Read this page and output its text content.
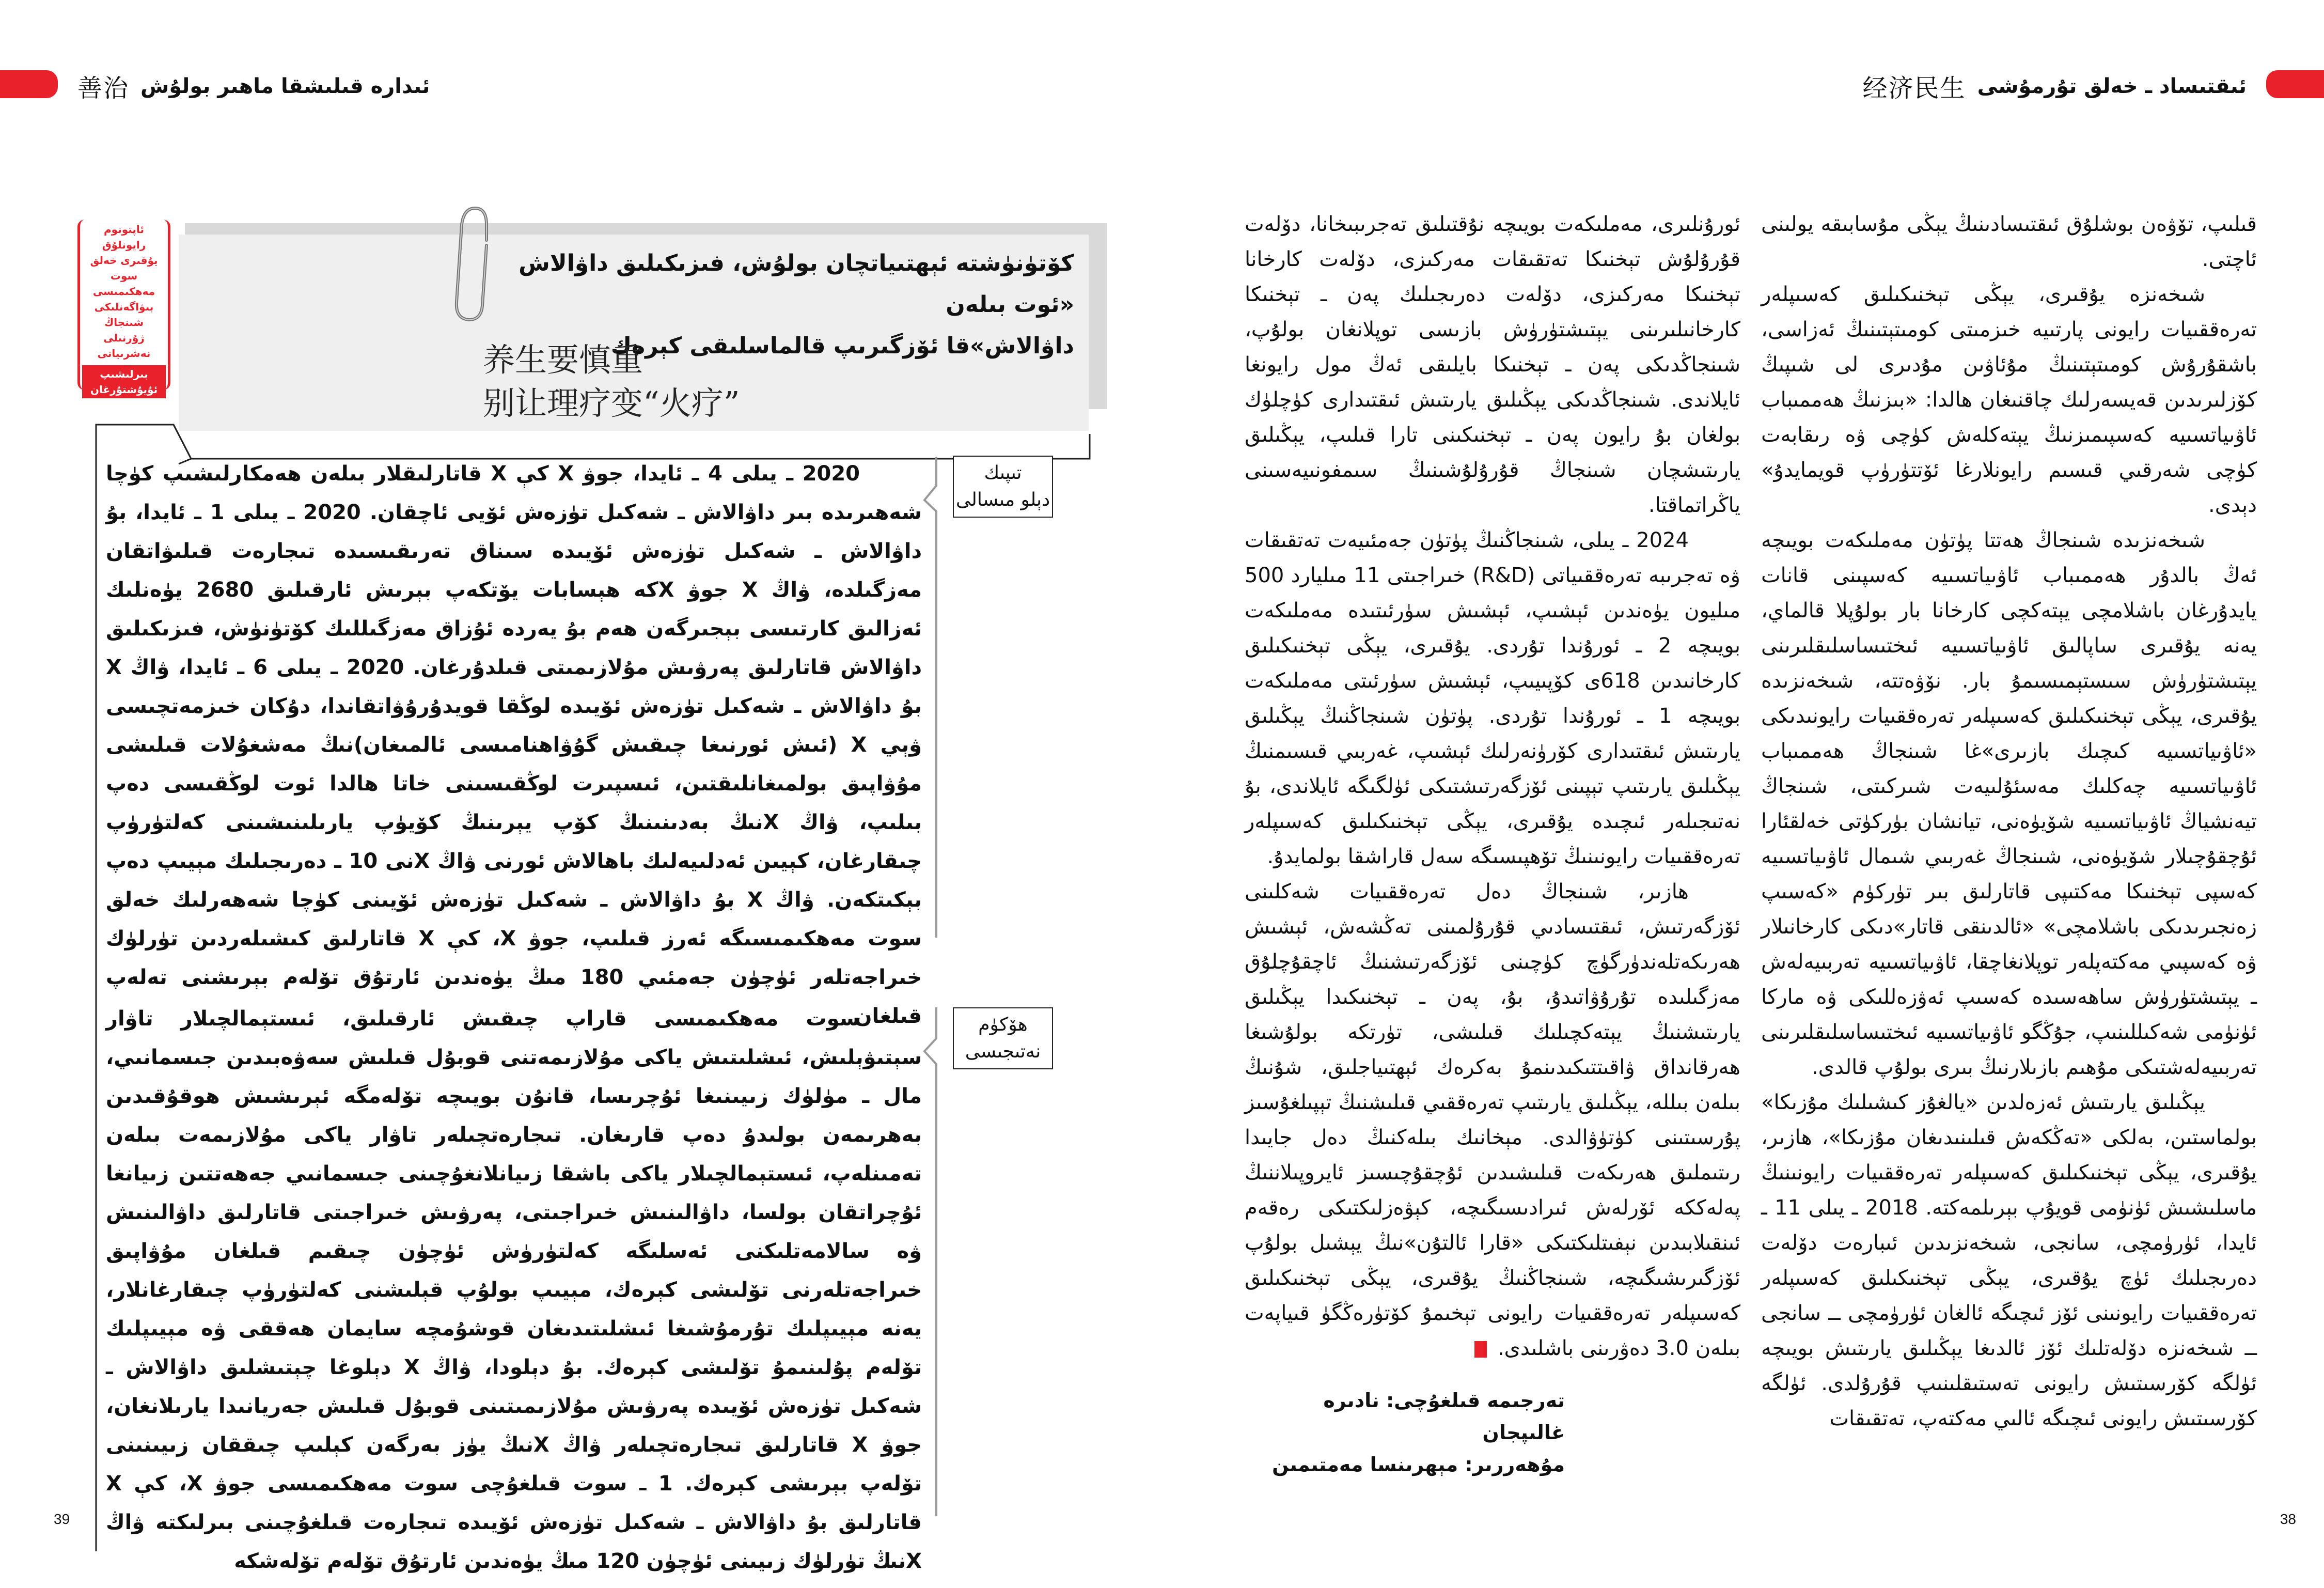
善治 ئىدارە قىلىشقا ماھىر بولۇش	经济民生 ئىقتىساد ـ خەلق تۇرمۇشى
كۆتۈنۈشتە ئېھتىياتچان بولۇش، فىزىكىلىق داۋالاش «ئوت بىلەن
داۋالاش»قا ئۆزگىرىپ قالماسلىقى كېرەك
养生要慎重
别让理疗变“火疗”
ئاپتونوم رايونلۇق يۇقىرى خەلق سوت مەھكىمىسى
بىۋاگەنلىكى شىنجاڭ ژۇرنىلى نەشرىياتى
بىرلىشىپ ئۇيۇشتۇرغان
تىپىك
دېلو مىسالى
ھۆكۈم
نەتىجىسى

2020 ـ يىلى 4 ـ ئايدا، جوۋ X كې X قاتارلىقلار بىلەن ھەمكارلىشىپ كۈچا شەھىرىدە بىر داۋالاش ـ شەكىل تۈزەش ئۆيى ئاچقان. 2020 ـ يىلى 1 ـ ئايدا، بۇ داۋالاش ـ شەكىل تۈزەش ئۆيىدە سىناق تەرىقىسىدە تىجارەت قىلىۋاتقان مەزگىلدە، ۋاڭ X جوۋ Xكە ھېسابات يۆتكەپ بېرىش ئارقىلىق 2680 يۈەنلىك ئەزالىق كارتىسى بېجىرگەن ھەم بۇ يەردە ئۇزاق مەزگىللىك كۆتۈنۈش، فىزىكىلىق داۋالاش قاتارلىق پەرۋىش مۇلازىمىتى قىلدۇرغان. 2020 ـ يىلى 6 ـ ئايدا، ۋاڭ X بۇ داۋالاش ـ شەكىل تۈزەش ئۆيىدە لوڭقا قويدۇرۇۋاتقاندا، دۇكان خىزمەتچىسى ۋېي X (ئىش ئورنىغا چىقىش گۇۋاھنامىسى ئالمىغان)نىڭ مەشغۇلات قىلىشى مۇۋاپىق بولمىغانلىقتىن، ئىسپىرت لوڭقىسىنى خاتا ھالدا ئوت لوڭقىسى دەپ بىلىپ، ۋاڭ Xنىڭ بەدىنىنىڭ كۆپ يېرىنىڭ كۆيۈپ يارىلىنىشىنى كەلتۈرۈپ چىقارغان، كېيىن ئەدلىيەلىك باھالاش ئورنى ۋاڭ Xنى 10 ـ دەرىجىلىك مېيىپ دەپ بېكىتكەن. ۋاڭ X بۇ داۋالاش ـ شەكىل تۈزەش ئۆيىنى كۈچا شەھەرلىك خەلق سوت مەھكىمىسىگە ئەرز قىلىپ، جوۋ X، كې X قاتارلىق كىشىلەردىن تۈرلۈك خىراجەتلەر ئۈچۈن جەمئىي 180 مىڭ يۈەندىن ئارتۇق تۆلەم بېرىشنى تەلەپ قىلغان.

سوت مەھكىمىسى قاراپ چىقىش ئارقىلىق، ئىستېمالچىلار تاۋار سېتىۋېلىش، ئىشلىتىش ياكى مۇلازىمەتنى قوبۇل قىلىش سەۋەبىدىن جىسمانىي، مال ـ مۈلۈك زىيىنىغا ئۇچرىسا، قانۇن بويىچە تۆلەمگە ئېرىشىش ھوقۇقىدىن بەھرىمەن بولىدۇ دەپ قارىغان. تىجارەتچىلەر تاۋار ياكى مۇلازىمەت بىلەن تەمىنلەپ، ئىستېمالچىلار ياكى باشقا زىيانلانغۇچىنى جىسمانىي جەھەتتىن زىيانغا ئۇچراتقان بولسا، داۋالىنىش خىراجىتى، پەرۋىش خىراجىتى قاتارلىق داۋالىنىش ۋە سالامەتلىكنى ئەسلىگە كەلتۈرۈش ئۈچۈن چىقىم قىلغان مۇۋاپىق خىراجەتلەرنى تۆلىشى كېرەك، مېيىپ بولۇپ قېلىشنى كەلتۈرۈپ چىقارغانلار، يەنە مېيىپلىك تۇرمۇشىغا ئىشلىتىدىغان قوشۇمچە سايمان ھەققى ۋە مېيىپلىك تۆلەم پۇلىنىمۇ تۆلىشى كېرەك. بۇ دېلودا، ۋاڭ X دېلوغا چېتىشلىق داۋالاش ـ شەكىل تۈزەش ئۆيىدە پەرۋىش مۇلازىمىتىنى قوبۇل قىلىش جەريانىدا يارىلانغان، جوۋ X قاتارلىق تىجارەتچىلەر ۋاڭ Xنىڭ يۈز بەرگەن كېلىپ چىققان زىيىنىنى تۆلەپ بېرىشى كېرەك. 1 ـ سوت قىلغۇچى سوت مەھكىمىسى جوۋ X، كې X قاتارلىق بۇ داۋالاش ـ شەكىل تۈزەش ئۆيىدە تىجارەت قىلغۇچىنى بىرلىكتە ۋاڭ Xنىڭ تۈرلۈك زىيىنى ئۈچۈن 120 مىڭ يۈەندىن ئارتۇق تۆلەم تۆلەشكە

ئورۇنلىرى، مەملىكەت بويىچە نۇقتىلىق تەجرىبىخانا، دۆلەت قۇرۇلۇش تېخنىكا تەتقىقات مەركىزى، دۆلەت كارخانا تېخنىكا مەركىزى، دۆلەت دەرىجىلىك پەن ـ تېخنىكا كارخانىلىرىنى يېتىشتۈرۈش بازىسى توپلانغان بولۇپ، شىنجاڭدىكى پەن ـ تېخنىكا بايلىقى ئەڭ مول رايونغا ئايلاندى. شىنجاڭدىكى يېڭىلىق يارىتىش ئىقتىدارى كۈچلۈك بولغان بۇ رايون پەن ـ تېخنىكىنى تارا قىلىپ، يېڭىلىق يارىتىشچان شىنجاڭ قۇرۇلۇشىنىڭ سىمفونىيەسىنى ياڭراتماقتا.

2024 ـ يىلى، شىنجاڭنىڭ پۈتۈن جەمئىيەت تەتقىقات ۋە تەجرىبە تەرەققىياتى (R&D) خىراجىتى 11 مىليارد 500 مىليون يۈەندىن ئېشىپ، ئېشىش سۈرئىتىدە مەملىكەت بويىچە 2 ـ ئورۇندا تۇردى. يۇقىرى، يېڭى تېخنىكىلىق كارخانىدىن 618ى كۆپىيىپ، ئېشىش سۈرئىتى مەملىكەت بويىچە 1 ـ ئورۇندا تۇردى. پۈتۈن شىنجاڭنىڭ يېڭىلىق يارىتىش ئىقتىدارى كۆرۈنەرلىك ئېشىپ، غەربىي قىسىمنىڭ يېڭىلىق يارىتىپ تېپىنى ئۆزگەرتىشتىكى ئۈلگىگە ئايلاندى، بۇ نەتىجىلەر ئىچىدە يۇقىرى، يېڭى تېخنىكىلىق كەسىپلەر تەرەققىيات رايونىنىڭ تۆھپىسىگە سەل قاراشقا بولمايدۇ.

ھازىر، شىنجاڭ دەل تەرەققىيات شەكلىنى ئۆزگەرتىش، ئىقتىسادىي قۇرۇلمىنى تەڭشەش، ئېشىش ھەرىكەتلەندۈرگۈچ كۈچىنى ئۆزگەرتىشنىڭ ئاچقۇچلۇق مەزگىلىدە تۇرۇۋاتىدۇ، بۇ، پەن ـ تېخنىكىدا يېڭىلىق يارىتىشنىڭ يېتەكچىلىك قىلىشى، تۈرتكە بولۇشىغا ھەرقانداق ۋاقىتتىكىدىنمۇ بەكرەك ئېھتىياجلىق، شۇنىڭ بىلەن بىللە، يېڭىلىق يارىتىپ تەرەققىي قىلىشنىڭ تېپىلغۇسىز پۇرسىتىنى كۈتۈۋالدى. مېخانىك بىلەكنىڭ دەل جايىدا رىتىملىق ھەرىكەت قىلىشىدىن ئۇچقۇچىسىز ئايروپىلاننىڭ پەلەككە ئۆرلەش ئىرادىسىگىچە، كېۋەزلىكتىكى رەقەم ئىنقىلابىدىن نېفىتلىكتىكى «قارا ئالتۇن»نىڭ يېشىل بولۇپ ئۆزگىرىشىگىچە، شىنجاڭنىڭ يۇقىرى، يېڭى تېخنىكىلىق كەسىپلەر تەرەققىيات رايونى تېخىمۇ كۆتۈرەڭگۈ قىياپەت بىلەن 3.0 دەۋرىنى باشلىدى. J

تەرجىمە قىلغۇچى: نادىرە غالىپجان
مۇھەررىر: مېھرىنسا مەمتىمىن

قىلىپ، تۆۋەن بوشلۇق ئىقتىسادىنىڭ يېڭى مۇسابىقە يولىنى ئاچتى.

شىخەنزە يۇقىرى، يېڭى تېخنىكىلىق كەسىپلەر تەرەققىيات رايونى پارتىيە خىزمىتى كومىتېتىنىڭ ئەزاسى، باشقۇرۇش كومىتېتىنىڭ مۇئاۋىن مۇدىرى لى شىپىڭ كۆزلىرىدىن قەيسەرلىك چاقنىغان ھالدا: «بىزنىڭ ھەممىباب ئاۋىياتسىيە كەسپىمىزنىڭ يېتەكلەش كۈچى ۋە رىقابەت كۈچى شەرقىي قىسىم رايونلارغا ئۆتتۈرۈپ قويمايدۇ» دېدى.

شىخەنزىدە شىنجاڭ ھەتتا پۈتۈن مەملىكەت بويىچە ئەڭ بالدۇر ھەممىباب ئاۋىياتسىيە كەسپىنى قانات يايدۇرغان باشلامچى يېتەكچى كارخانا بار بولۇپلا قالماي، يەنە يۇقىرى ساپالىق ئاۋىياتسىيە ئىختىساسلىقلىرىنى يېتىشتۈرۈش سىستېمىسىمۇ بار. نۆۋەتتە، شىخەنزىدە يۇقىرى، يېڭى تېخنىكىلىق كەسىپلەر تەرەققىيات رايونىدىكى «ئاۋىياتسىيە كىچىك بازىرى»غا شىنجاڭ ھەممىباب ئاۋىياتسىيە چەكلىك مەسئۇلىيەت شىركىتى، شىنجاڭ تيەنشياڭ ئاۋىياتسىيە شۆيۈەنى، تيانشان بۈركۈتى خەلقئارا ئۇچقۇچىلار شۆيۈەنى، شىنجاڭ غەربىي شىمال ئاۋىياتسىيە كەسپى تېخنىكا مەكتىپى قاتارلىق بىر تۈركۈم «كەسىپ زەنجىرىدىكى باشلامچى» «ئالدىنقى قاتار»دىكى كارخانىلار ۋە كەسپىي مەكتەپلەر توپلانغاچقا، ئاۋىياتسىيە تەربىيەلەش ـ يېتىشتۈرۈش ساھەسىدە كەسىپ ئەۋزەللىكى ۋە ماركا ئۈنۈمى شەكىللىنىپ، جۇڭگو ئاۋىياتسىيە ئىختىساسلىقلىرىنى تەربىيەلەشتىكى مۇھىم بازىلارنىڭ بىرى بولۇپ قالدى.

يېڭىلىق يارىتىش ئەزەلدىن «يالغۇز كىشىلىك مۇزىكا» بولماستىن، بەلكى «تەڭكەش قىلىنىدىغان مۇزىكا»، ھازىر، يۇقىرى، يېڭى تېخنىكىلىق كەسىپلەر تەرەققىيات رايونىنىڭ ماسلىشىش ئۈنۈمى قويۇپ بېرىلمەكتە. 2018 ـ يىلى 11 ـ ئايدا، ئۈرۈمچى، سانجى، شىخەنزىدىن ئىبارەت دۆلەت دەرىجىلىك ئۈچ يۇقىرى، يېڭى تېخنىكىلىق كەسىپلەر تەرەققىيات رايونىنى ئۆز ئىچىگە ئالغان ئۈرۈمچى ــ سانجى ــ شىخەنزە دۆلەتلىك ئۆز ئالدىغا يېڭىلىق يارىتىش بويىچە ئۈلگە كۆرسىتىش رايونى تەستىقلىنىپ قۇرۇلدى. ئۈلگە كۆرسىتىش رايونى ئىچىگە ئالىي مەكتەپ، تەتقىقات

39	38
